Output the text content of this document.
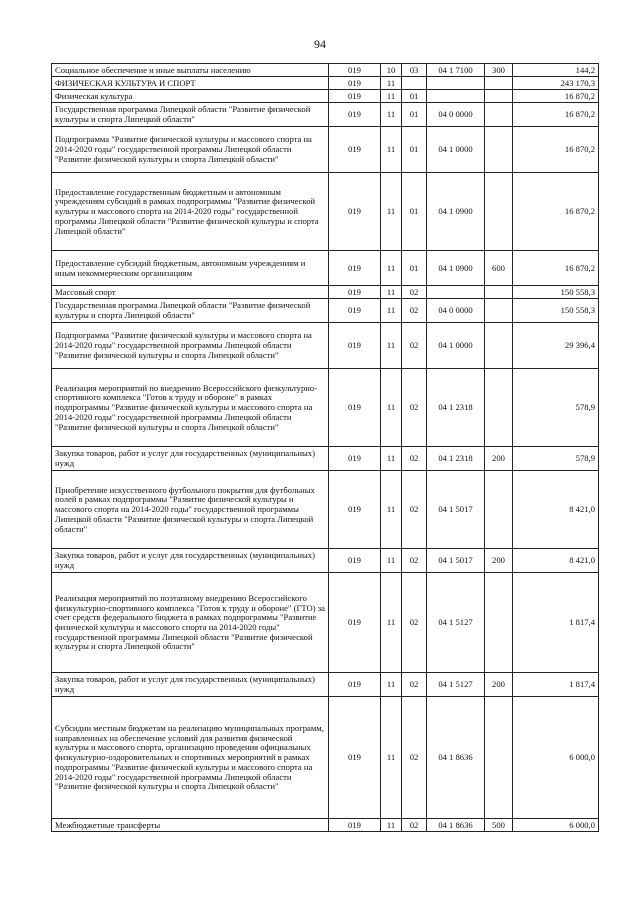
94
Социальное обеспечение и иные выплаты населению	019	10	03	04 1 7100	300	144,2
ФИЗИЧЕСКАЯ КУЛЬТУРА И СПОРТ	019	11				243 170,3
Физическая культура	019	11	01			16 870,2
Государственная программа Липецкой области "Развитие физической культуры и спорта Липецкой области"	019	11	01	04 0 0000		16 870,2
Подпрограмма "Развитие физической культуры и массового спорта на 2014-2020 годы" государственной программы Липецкой области "Развитие физической культуры и спорта Липецкой области"	019	11	01	04 1 0000		16 870,2
Предоставление государственным бюджетным и автономным учреждениям субсидий в рамках подпрограммы "Развитие физической культуры и массового спорта на 2014-2020 годы" государственной программы Липецкой области "Развитие физической культуры и спорта Липецкой области"	019	11	01	04 1 0900		16 870,2
Предоставление субсидий бюджетным, автономным учреждениям и иным некоммерческим организациям	019	11	01	04 1 0900	600	16 870,2
Массовый спорт	019	11	02			150 558,3
Государственная программа Липецкой области "Развитие физической культуры и спорта Липецкой области"	019	11	02	04 0 0000		150 558,3
Подпрограмма "Развитие физической культуры и массового спорта на 2014-2020 годы" государственной программы Липецкой области "Развитие физической культуры и спорта Липецкой области"	019	11	02	04 1 0000		29 396,4
Реализация мероприятий по внедрению Всероссийского физкультурно-спортивного комплекса "Готов к труду и обороне" в рамках подпрограммы "Развитие физической культуры и массового спорта на 2014-2020 годы" государственной программы Липецкой области "Развитие физической культуры и спорта Липецкой области"	019	11	02	04 1 2318		578,9
Закупка товаров, работ и услуг для государственных (муниципальных) нужд	019	11	02	04 1 2318	200	578,9
Приобретение искусственного футбольного покрытия для футбольных полей в рамках подпрограммы "Развитие физической культуры и массового спорта на 2014-2020 годы" государственной программы Липецкой области "Развитие физической культуры и спорта Липецкой области"	019	11	02	04 1 5017		8 421,0
Закупка товаров, работ и услуг для государственных (муниципальных) нужд	019	11	02	04 1 5017	200	8 421,0
Реализация мероприятий по поэтапному внедрению Всероссийского физкультурно-спортивного комплекса "Готов к труду и обороне" (ГТО) за счет средств федерального бюджета в рамках подпрограммы "Развитие физической культуры и массового спорта на 2014-2020 годы" государственной программы Липецкой области "Развитие физической культуры и спорта Липецкой области"	019	11	02	04 1 5127		1 817,4
Закупка товаров, работ и услуг для государственных (муниципальных) нужд	019	11	02	04 1 5127	200	1 817,4
Субсидии местным бюджетам на реализацию муниципальных программ, направленных на обеспечение условий для развития физической культуры и массового спорта, организацию проведения официальных физкультурно-оздоровительных и спортивных мероприятий в рамках подпрограммы "Развитие физической культуры и массового спорта на 2014-2020 годы" государственной программы Липецкой области "Развитие физической культуры и спорта Липецкой области"	019	11	02	04 1 8636		6 000,0
Межбюджетные трансферты	019	11	02	04 1 8636	500	6 000,0
